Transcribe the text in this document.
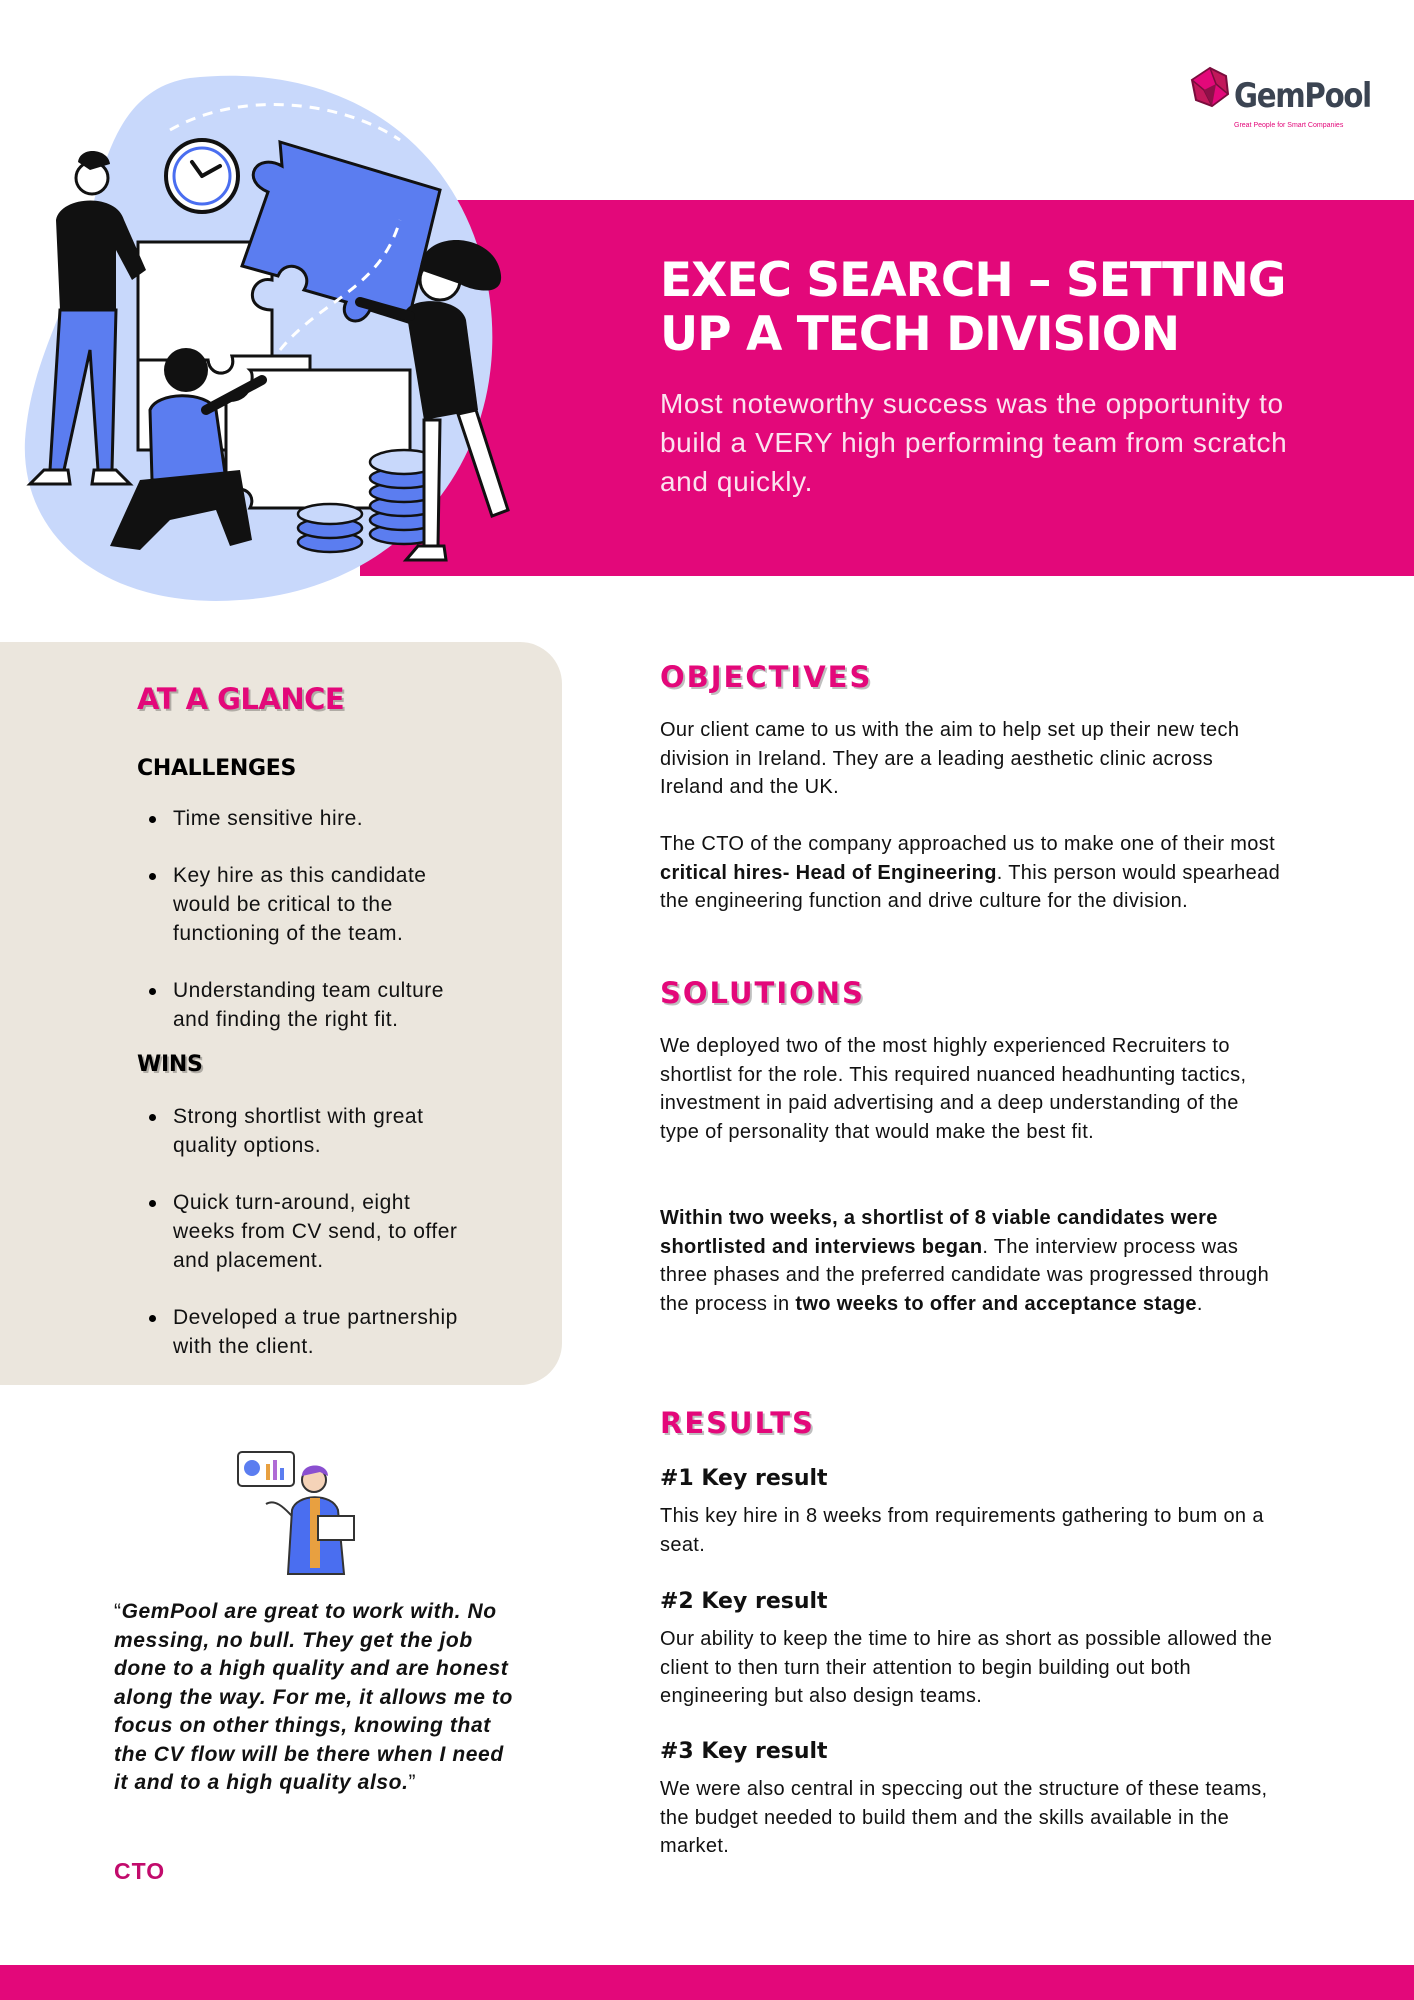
GemPool
Great People for Smart Companies
EXEC SEARCH – SETTING UP A TECH DIVISION

Most noteworthy success was the opportunity to build a VERY high performing team from scratch and quickly.

AT A GLANCE
CHALLENGES
Time sensitive hire.
Key hire as this candidate would be critical to the functioning of the team.
Understanding team culture and finding the right fit.
WINS
Strong shortlist with great quality options.
Quick turn-around, eight weeks from CV send, to offer and placement.
Developed a true partnership with the client.

“GemPool are great to work with. No messing, no bull. They get the job done to a high quality and are honest along the way. For me, it allows me to focus on other things, knowing that the CV flow will be there when I need it and to a high quality also.”

CTO
OBJECTIVES

Our client came to us with the aim to help set up their new tech division in Ireland. They are a leading aesthetic clinic across Ireland and the UK.

The CTO of the company approached us to make one of their most critical hires- Head of Engineering. This person would spearhead the engineering function and drive culture for the division.

SOLUTIONS

We deployed two of the most highly experienced Recruiters to shortlist for the role. This required nuanced headhunting tactics, investment in paid advertising and a deep understanding of the type of personality that would make the best fit.

Within two weeks, a shortlist of 8 viable candidates were shortlisted and interviews began. The interview process was three phases and the preferred candidate was progressed through the process in two weeks to offer and acceptance stage.

RESULTS
#1 Key result

This key hire in 8 weeks from requirements gathering to bum on a seat.

#2 Key result

Our ability to keep the time to hire as short as possible allowed the client to then turn their attention to begin building out both engineering but also design teams.

#3 Key result

We were also central in speccing out the structure of these teams, the budget needed to build them and the skills available in the market.
